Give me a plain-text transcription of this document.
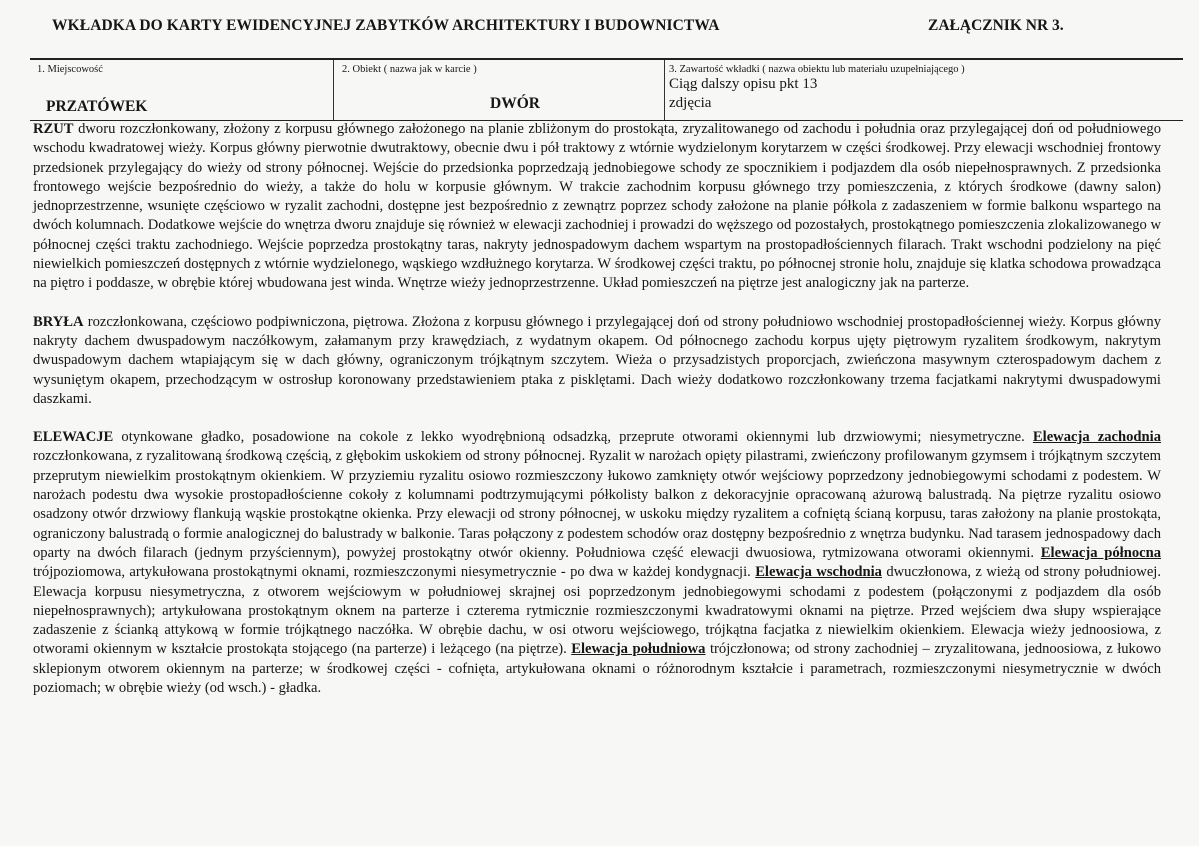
WKŁADKA DO KARTY EWIDENCYJNEJ ZABYTKÓW ARCHITEKTURY I BUDOWNICTWA	ZAŁĄCZNIK NR 3.
1. Miejscowość
PRZATÓWEK
2. Obiekt ( nazwa jak w karcie )
DWÓR
3. Zawartość wkładki ( nazwa obiektu lub materiału uzupełniającego )
Ciąg dalszy opisu pkt 13
zdjęcia

RZUT dworu rozczłonkowany, złożony z korpusu głównego założonego na planie zbliżonym do prostokąta, zryzalitowanego od zachodu i południa oraz przylegającej doń od południowego wschodu kwadratowej wieży. Korpus główny pierwotnie dwutraktowy, obecnie dwu i pół traktowy z wtórnie wydzielonym korytarzem w części środkowej. Przy elewacji wschodniej frontowy przedsionek przylegający do wieży od strony północnej. Wejście do przedsionka poprzedzają jednobiegowe schody ze spocznikiem i podjazdem dla osób niepełnosprawnych. Z przedsionka frontowego wejście bezpośrednio do wieży, a także do holu w korpusie głównym. W trakcie zachodnim korpusu głównego trzy pomieszczenia, z których środkowe (dawny salon) jednoprzestrzenne, wsunięte częściowo w ryzalit zachodni, dostępne jest bezpośrednio z zewnątrz poprzez schody założone na planie półkola z zadaszeniem w formie balkonu wspartego na dwóch kolumnach. Dodatkowe wejście do wnętrza dworu znajduje się również w elewacji zachodniej i prowadzi do węższego od pozostałych, prostokątnego pomieszczenia zlokalizowanego w północnej części traktu zachodniego. Wejście poprzedza prostokątny taras, nakryty jednospadowym dachem wspartym na prostopadłościennych filarach. Trakt wschodni podzielony na pięć niewielkich pomieszczeń dostępnych z wtórnie wydzielonego, wąskiego wzdłużnego korytarza. W środkowej części traktu, po północnej stronie holu, znajduje się klatka schodowa prowadząca na piętro i poddasze, w obrębie której wbudowana jest winda. Wnętrze wieży jednoprzestrzenne. Układ pomieszczeń na piętrze jest analogiczny jak na parterze.

BRYŁA rozczłonkowana, częściowo podpiwniczona, piętrowa. Złożona z korpusu głównego i przylegającej doń od strony południowo wschodniej prostopadłościennej wieży. Korpus główny nakryty dachem dwuspadowym naczółkowym, załamanym przy krawędziach, z wydatnym okapem. Od północnego zachodu korpus ujęty piętrowym ryzalitem środkowym, nakrytym dwuspadowym dachem wtapiającym się w dach główny, ograniczonym trójkątnym szczytem. Wieża o przysadzistych proporcjach, zwieńczona masywnym czterospadowym dachem z wysuniętym okapem, przechodzącym w ostrosłup koronowany przedstawieniem ptaka z pisklętami. Dach wieży dodatkowo rozczłonkowany trzema facjatkami nakrytymi dwuspadowymi daszkami.

ELEWACJE otynkowane gładko, posadowione na cokole z lekko wyodrębnioną odsadzką, przeprute otworami okiennymi lub drzwiowymi; niesymetryczne. Elewacja zachodnia rozczłonkowana, z ryzalitowaną środkową częścią, z głębokim uskokiem od strony północnej. Ryzalit w narożach opięty pilastrami, zwieńczony profilowanym gzymsem i trójkątnym szczytem przeprutym niewielkim prostokątnym okienkiem. W przyziemiu ryzalitu osiowo rozmieszczony łukowo zamknięty otwór wejściowy poprzedzony jednobiegowymi schodami z podestem. W narożach podestu dwa wysokie prostopadłościenne cokoły z kolumnami podtrzymującymi półkolisty balkon z dekoracyjnie opracowaną ażurową balustradą. Na piętrze ryzalitu osiowo osadzony otwór drzwiowy flankują wąskie prostokątne okienka. Przy elewacji od strony północnej, w uskoku między ryzalitem a cofniętą ścianą korpusu, taras założony na planie prostokąta, ograniczony balustradą o formie analogicznej do balustrady w balkonie. Taras połączony z podestem schodów oraz dostępny bezpośrednio z wnętrza budynku. Nad tarasem jednospadowy dach oparty na dwóch filarach (jednym przyściennym), powyżej prostokątny otwór okienny. Południowa część elewacji dwuosiowa, rytmizowana otworami okiennymi. Elewacja północna trójpoziomowa, artykułowana prostokątnymi oknami, rozmieszczonymi niesymetrycznie - po dwa w każdej kondygnacji. Elewacja wschodnia dwuczłonowa, z wieżą od strony południowej. Elewacja korpusu niesymetryczna, z otworem wejściowym w południowej skrajnej osi poprzedzonym jednobiegowymi schodami z podestem (połączonymi z podjazdem dla osób niepełnosprawnych); artykułowana prostokątnym oknem na parterze i czterema rytmicznie rozmieszczonymi kwadratowymi oknami na piętrze. Przed wejściem dwa słupy wspierające zadaszenie z ścianką attykową w formie trójkątnego naczółka. W obrębie dachu, w osi otworu wejściowego, trójkątna facjatka z niewielkim okienkiem. Elewacja wieży jednoosiowa, z otworami okiennym w kształcie prostokąta stojącego (na parterze) i leżącego (na piętrze). Elewacja południowa trójczłonowa; od strony zachodniej – zryzalitowana, jednoosiowa, z łukowo sklepionym otworem okiennym na parterze; w środkowej części - cofnięta, artykułowana oknami o różnorodnym kształcie i parametrach, rozmieszczonymi niesymetrycznie w dwóch poziomach; w obrębie wieży (od wsch.) - gładka.
